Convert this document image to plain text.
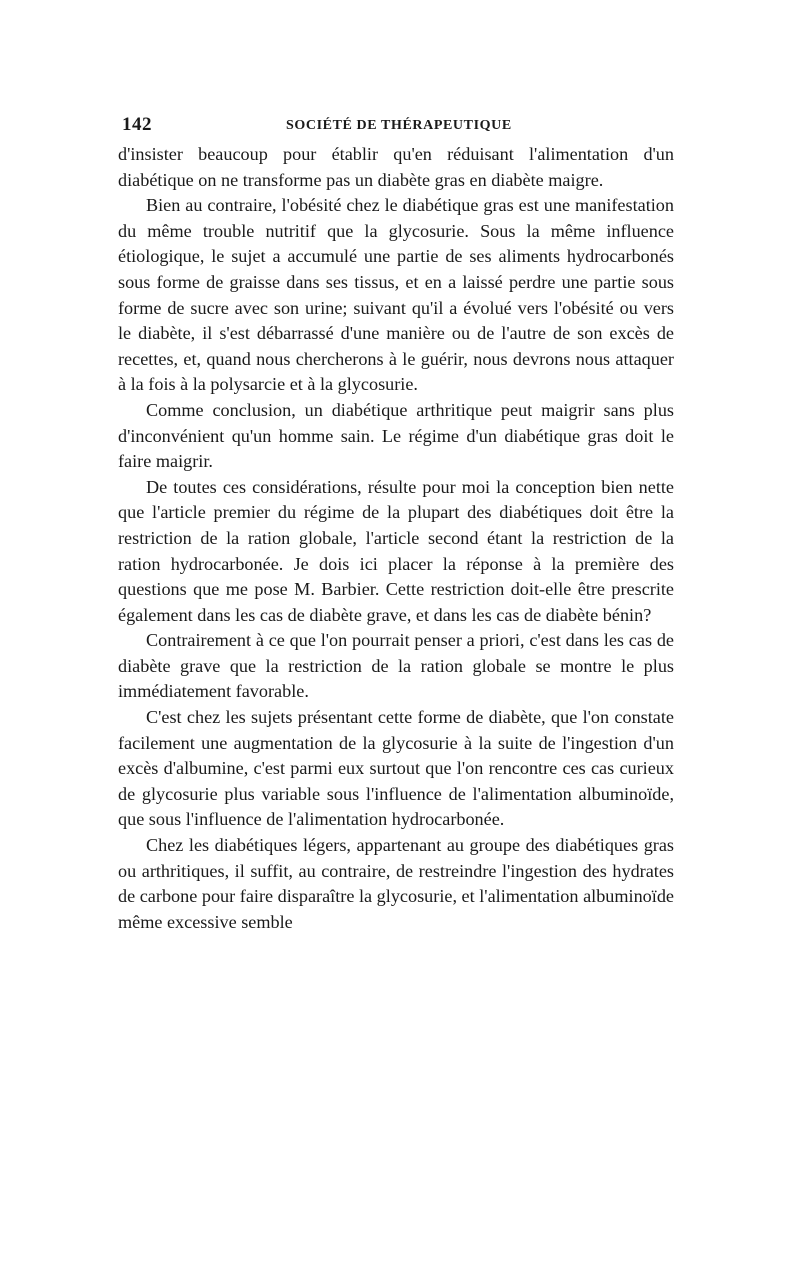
142	SOCIÉTÉ DE THÉRAPEUTIQUE

d'insister beaucoup pour établir qu'en réduisant l'alimentation d'un diabétique on ne transforme pas un diabète gras en diabète maigre.

Bien au contraire, l'obésité chez le diabétique gras est une manifestation du même trouble nutritif que la glycosurie. Sous la même influence étiologique, le sujet a accumulé une partie de ses aliments hydrocarbonés sous forme de graisse dans ses tissus, et en a laissé perdre une partie sous forme de sucre avec son urine; suivant qu'il a évolué vers l'obésité ou vers le diabète, il s'est débarrassé d'une manière ou de l'autre de son excès de recettes, et, quand nous chercherons à le guérir, nous devrons nous attaquer à la fois à la polysarcie et à la glycosurie.

Comme conclusion, un diabétique arthritique peut maigrir sans plus d'inconvénient qu'un homme sain. Le régime d'un diabétique gras doit le faire maigrir.

De toutes ces considérations, résulte pour moi la conception bien nette que l'article premier du régime de la plupart des diabétiques doit être la restriction de la ration globale, l'article second étant la restriction de la ration hydrocarbonée. Je dois ici placer la réponse à la première des questions que me pose M. Barbier. Cette restriction doit-elle être prescrite également dans les cas de diabète grave, et dans les cas de diabète bénin?

Contrairement à ce que l'on pourrait penser a priori, c'est dans les cas de diabète grave que la restriction de la ration globale se montre le plus immédiatement favorable.

C'est chez les sujets présentant cette forme de diabète, que l'on constate facilement une augmentation de la glycosurie à la suite de l'ingestion d'un excès d'albumine, c'est parmi eux surtout que l'on rencontre ces cas curieux de glycosurie plus variable sous l'influence de l'alimentation albuminoïde, que sous l'influence de l'alimentation hydrocarbonée.

Chez les diabétiques légers, appartenant au groupe des diabétiques gras ou arthritiques, il suffit, au contraire, de restreindre l'ingestion des hydrates de carbone pour faire disparaître la glycosurie, et l'alimentation albuminoïde même excessive semble
